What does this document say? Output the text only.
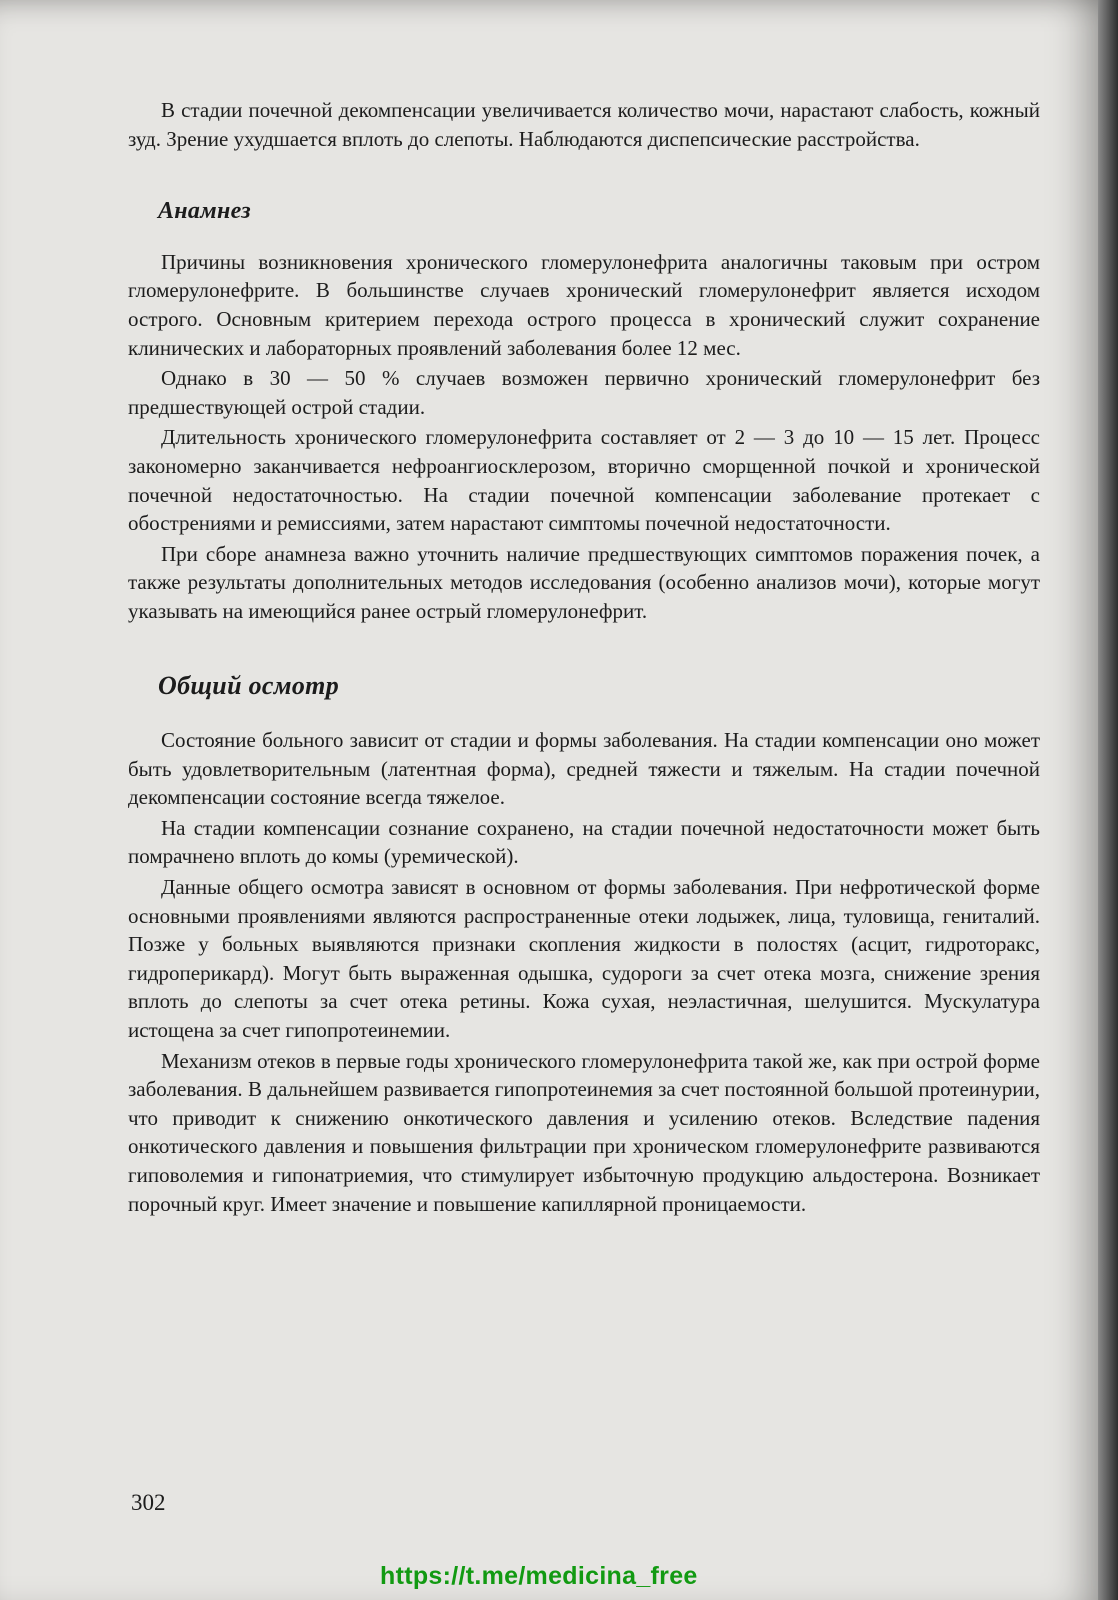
В стадии почечной декомпенсации увеличивается количество мочи, нарастают слабость, кожный зуд. Зрение ухудшается вплоть до слепоты. Наблюдаются диспепсические расстройства.

Анамнез

Причины возникновения хронического гломерулонефрита аналогичны таковым при остром гломерулонефрите. В большинстве случаев хронический гломерулонефрит является исходом острого. Основным критерием перехода острого процесса в хронический служит сохранение клинических и лабораторных проявлений заболевания более 12 мес.

Однако в 30 — 50 % случаев возможен первично хронический гломерулонефрит без предшествующей острой стадии.

Длительность хронического гломерулонефрита составляет от 2 — 3 до 10 — 15 лет. Процесс закономерно заканчивается нефроангиосклерозом, вторично сморщенной почкой и хронической почечной недостаточностью. На стадии почечной компенсации заболевание протекает с обострениями и ремиссиями, затем нарастают симптомы почечной недостаточности.

При сборе анамнеза важно уточнить наличие предшествующих симптомов поражения почек, а также результаты дополнительных методов исследования (особенно анализов мочи), которые могут указывать на имеющийся ранее острый гломерулонефрит.

Общий осмотр

Состояние больного зависит от стадии и формы заболевания. На стадии компенсации оно может быть удовлетворительным (латентная форма), средней тяжести и тяжелым. На стадии почечной декомпенсации состояние всегда тяжелое.

На стадии компенсации сознание сохранено, на стадии почечной недостаточности может быть помрачнено вплоть до комы (уремической).

Данные общего осмотра зависят в основном от формы заболевания. При нефротической форме основными проявлениями являются распространенные отеки лодыжек, лица, туловища, гениталий. Позже у больных выявляются признаки скопления жидкости в полостях (асцит, гидроторакс, гидроперикард). Могут быть выраженная одышка, судороги за счет отека мозга, снижение зрения вплоть до слепоты за счет отека ретины. Кожа сухая, неэластичная, шелушится. Мускулатура истощена за счет гипопротеинемии.

Механизм отеков в первые годы хронического гломерулонефрита такой же, как при острой форме заболевания. В дальнейшем развивается гипопротеинемия за счет постоянной большой протеинурии, что приводит к снижению онкотического давления и усилению отеков. Вследствие падения онкотического давления и повышения фильтрации при хроническом гломерулонефрите развиваются гиповолемия и гипонатриемия, что стимулирует избыточную продукцию альдостерона. Возникает порочный круг. Имеет значение и повышение капиллярной проницаемости.

302
https://t.me/medicina_free
